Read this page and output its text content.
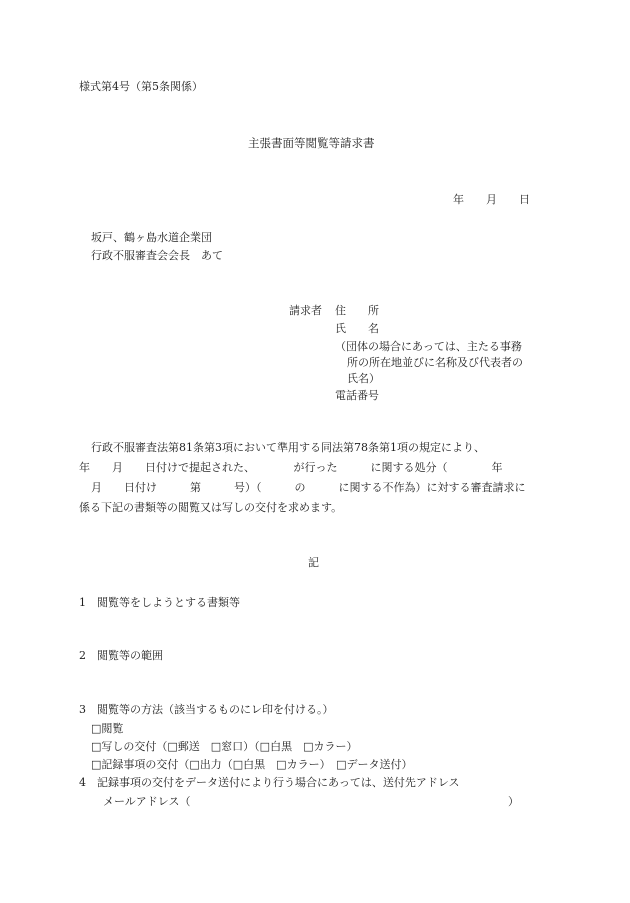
様式第4号（第5条関係）
主張書面等閲覧等請求書
年　　月　　日
坂戸、鶴ヶ島水道企業団
行政不服審査会会長　あて
請求者 住　　所
氏　　名
（団体の場合にあっては、主たる事務
所の所在地並びに名称及び代表者の
氏名）
電話番号
行政不服審査法第81条第3項において準用する同法第78条第1項の規定により、
年　　月　　日付けで提起された、　　　　が行った　　　に関する処分（　　　　年
月　　日付け　　　第　　　号）（　　　の　　　に関する不作為）に対する審査請求に
係る下記の書類等の閲覧又は写しの交付を求めます。
記
1　閲覧等をしようとする書類等
2　閲覧等の範囲
3　閲覧等の方法（該当するものにレ印を付ける。）
□閲覧
□写しの交付（□郵送　□窓口）（□白黒　□カラー）
□記録事項の交付（□出力（□白黒　□カラー）　□データ送付）
4　記録事項の交付をデータ送付により行う場合にあっては、送付先アドレス
メールアドレス（	）
